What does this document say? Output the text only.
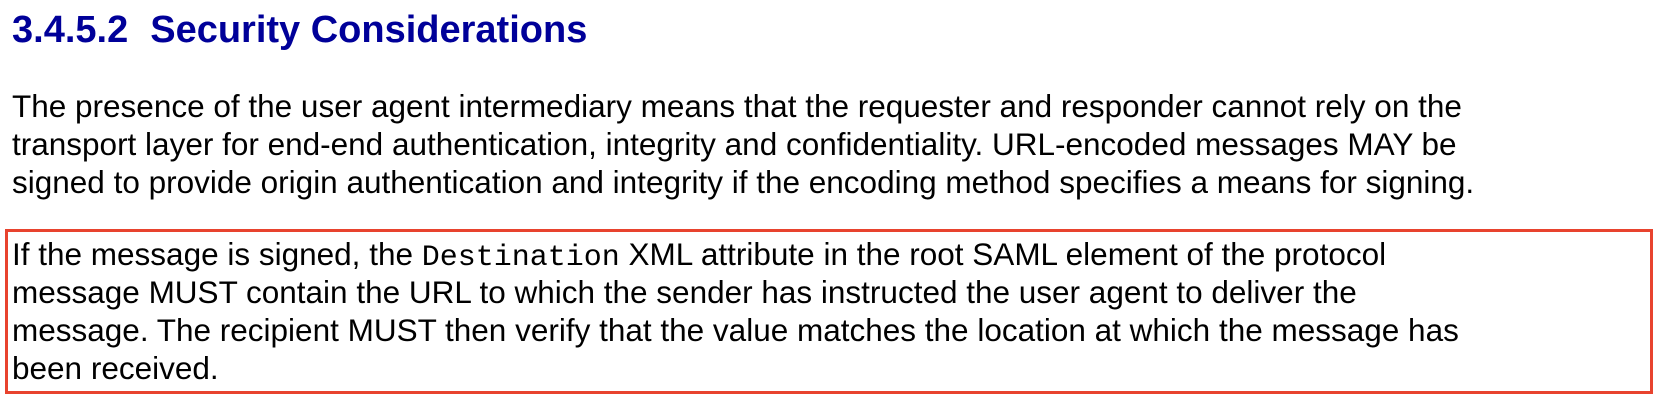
3.4.5.2 Security Considerations

The presence of the user agent intermediary means that the requester and responder cannot rely on the
transport layer for end-end authentication, integrity and confidentiality. URL-encoded messages MAY be
signed to provide origin authentication and integrity if the encoding method specifies a means for signing.

If the message is signed, the Destination XML attribute in the root SAML element of the protocol
message MUST contain the URL to which the sender has instructed the user agent to deliver the
message. The recipient MUST then verify that the value matches the location at which the message has
been received.
